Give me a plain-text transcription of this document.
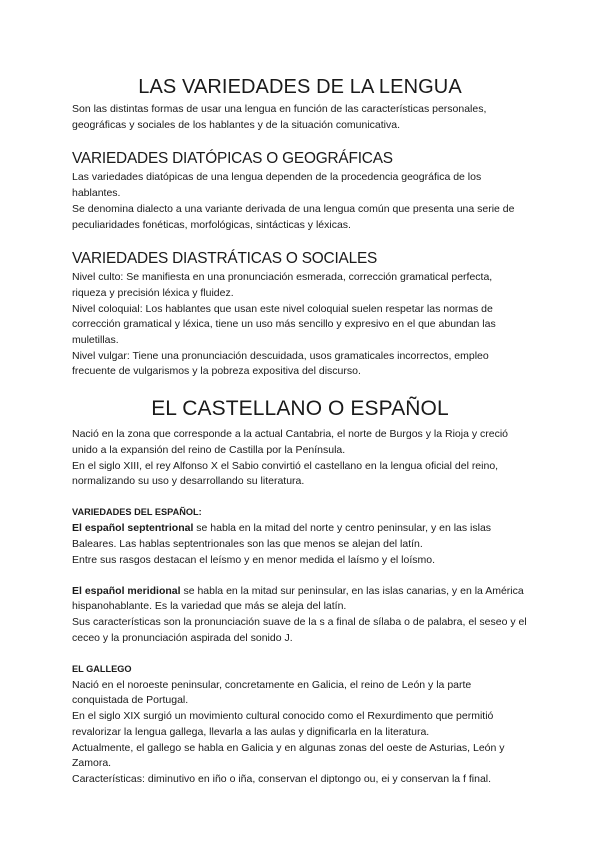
LAS VARIEDADES DE LA LENGUA

Son las distintas formas de usar una lengua en función de las características personales, geográficas y sociales de los hablantes y de la situación comunicativa.

VARIEDADES DIATÓPICAS O GEOGRÁFICAS

Las variedades diatópicas de una lengua dependen de la procedencia geográfica de los hablantes.

Se denomina dialecto a una variante derivada de una lengua común que presenta una serie de peculiaridades fonéticas, morfológicas, sintácticas y léxicas.

VARIEDADES DIASTRÁTICAS O SOCIALES

Nivel culto: Se manifiesta en una pronunciación esmerada, corrección gramatical perfecta, riqueza y precisión léxica y fluidez.

Nivel coloquial: Los hablantes que usan este nivel coloquial suelen respetar las normas de corrección gramatical y léxica, tiene un uso más sencillo y expresivo en el que abundan las muletillas.

Nivel vulgar: Tiene una pronunciación descuidada, usos gramaticales incorrectos, empleo frecuente de vulgarismos y la pobreza expositiva del discurso.

EL CASTELLANO O ESPAÑOL

Nació en la zona que corresponde a la actual Cantabria, el norte de Burgos y la Rioja y creció unido a la expansión del reino de Castilla por la Península.

En el siglo XIII, el rey Alfonso X el Sabio convirtió el castellano en la lengua oficial del reino, normalizando su uso y desarrollando su literatura.

VARIEDADES DEL ESPAÑOL:

El español septentrional se habla en la mitad del norte y centro peninsular, y en las islas Baleares. Las hablas septentrionales son las que menos se alejan del latín.

Entre sus rasgos destacan el leísmo y en menor medida el laísmo y el loísmo.

El español meridional se habla en la mitad sur peninsular, en las islas canarias, y en la América hispanohablante. Es la variedad que más se aleja del latín.

Sus características son la pronunciación suave de la s a final de sílaba o de palabra, el seseo y el ceceo y la pronunciación aspirada del sonido J.

EL GALLEGO

Nació en el noroeste peninsular, concretamente en Galicia, el reino de León y la parte conquistada de Portugal.

En el siglo XIX surgió un movimiento cultural conocido como el Rexurdimento que permitió revalorizar la lengua gallega, llevarla a las aulas y dignificarla en la literatura.

Actualmente, el gallego se habla en Galicia y en algunas zonas del oeste de Asturias, León y Zamora.

Características: diminutivo en iño o iña, conservan el diptongo ou, ei y conservan la f final.
